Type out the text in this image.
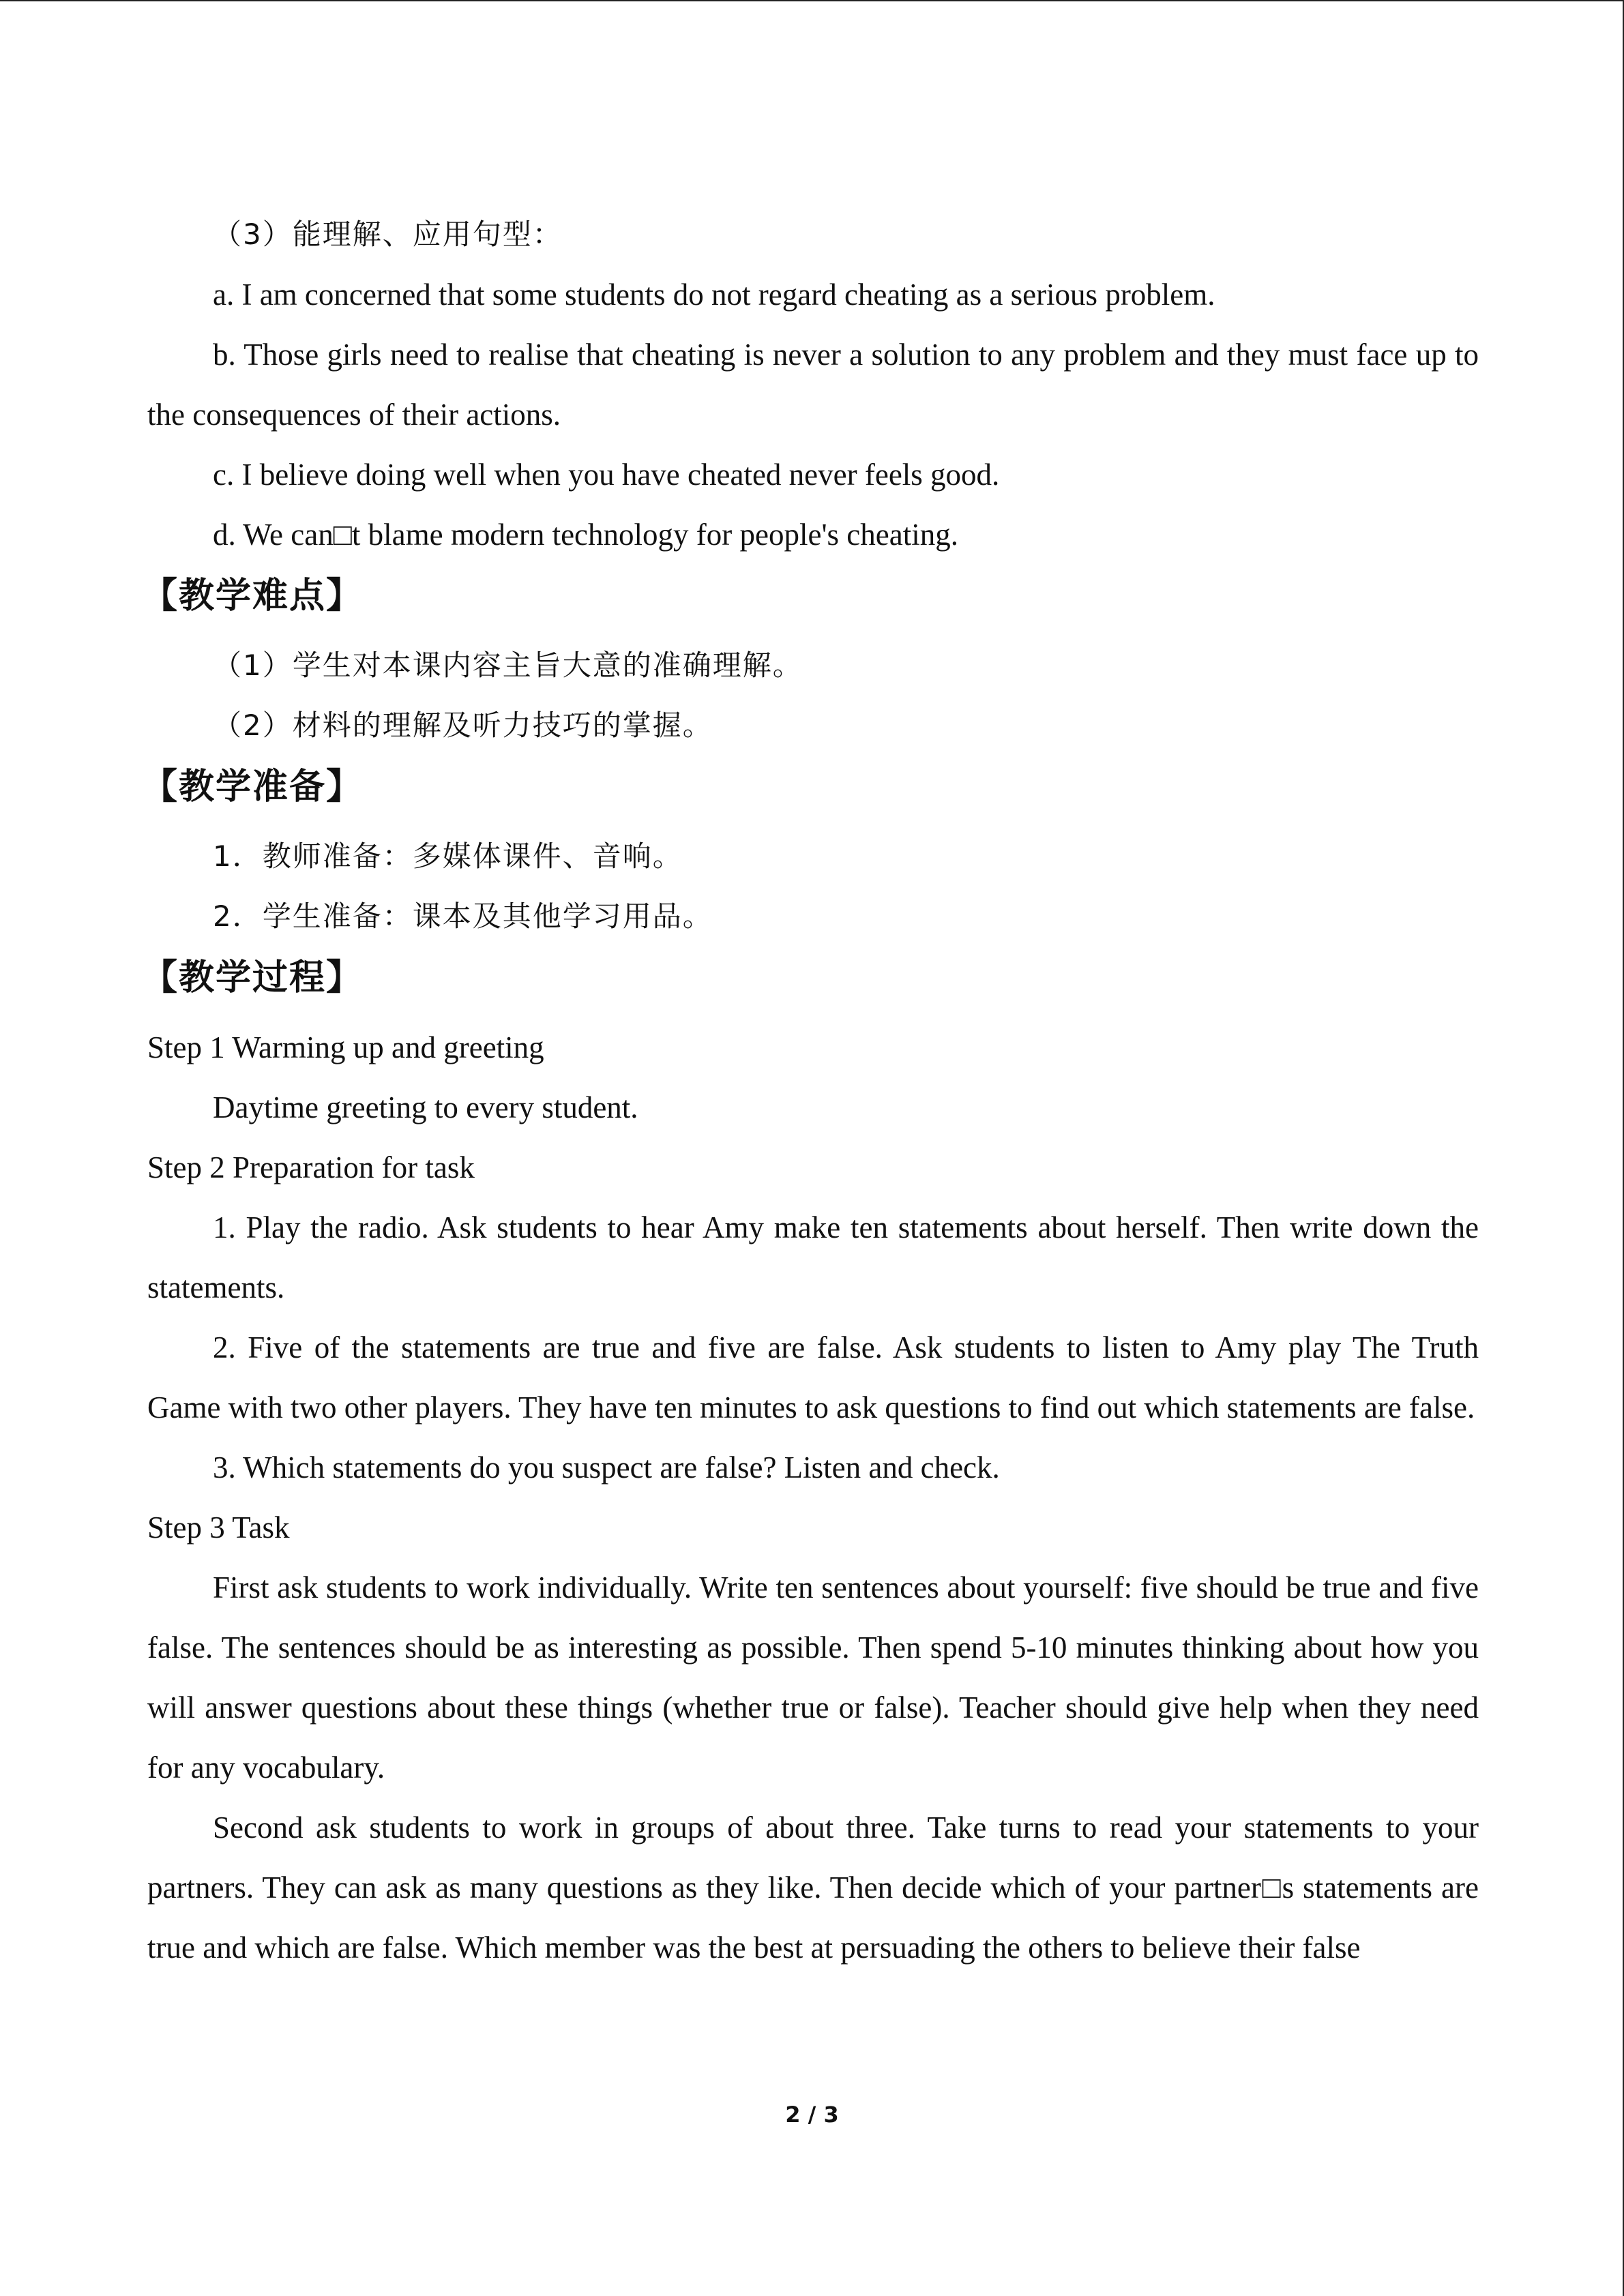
（3）能理解、应用句型：

a. I am concerned that some students do not regard cheating as a serious problem.

b. Those girls need to realise that cheating is never a solution to any problem and they must face up to the consequences of their actions.

c. I believe doing well when you have cheated never feels good.

d. We can□t blame modern technology for people's cheating.

【教学难点】

（1）学生对本课内容主旨大意的准确理解。

（2）材料的理解及听力技巧的掌握。

【教学准备】

1．教师准备：多媒体课件、音响。

2．学生准备：课本及其他学习用品。

【教学过程】

Step 1 Warming up and greeting

Daytime greeting to every student.

Step 2 Preparation for task

1. Play the radio. Ask students to hear Amy make ten statements about herself. Then write down the statements.

2. Five of the statements are true and five are false. Ask students to listen to Amy play The Truth Game with two other players. They have ten minutes to ask questions to find out which statements are false.

3. Which statements do you suspect are false? Listen and check.

Step 3 Task

First ask students to work individually. Write ten sentences about yourself: five should be true and five false. The sentences should be as interesting as possible. Then spend 5-10 minutes thinking about how you will answer questions about these things (whether true or false). Teacher should give help when they need for any vocabulary.

Second ask students to work in groups of about three. Take turns to read your statements to your partners. They can ask as many questions as they like. Then decide which of your partner□s statements are true and which are false. Which member was the best at persuading the others to believe their false

2 / 3
